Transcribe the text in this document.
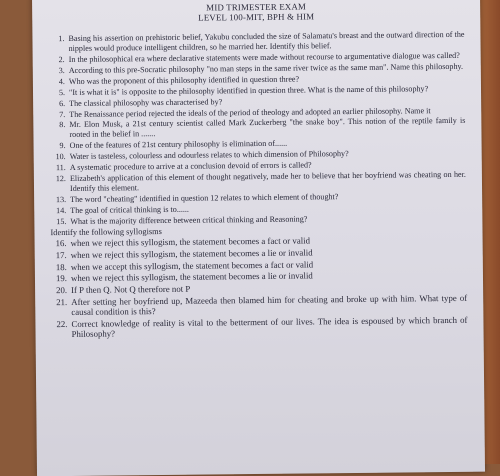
MID TRIMESTER EXAM
LEVEL 100-MIT, BPH & HIM
1. Basing his assertion on prehistoric belief, Yakubu concluded the size of Salamatu's breast and the outward direction of the nipples would produce intelligent children, so he married her. Identify this belief.
2. In the philosophical era where declarative statements were made without recourse to argumentative dialogue was called?
3. According to this pre-Socratic philosophy "no man steps in the same river twice as the same man". Name this philosophy.
4. Who was the proponent of this philosophy identified in question three?
5. "It is what it is" is opposite to the philosophy identified in question three. What is the name of this philosophy?
6. The classical philosophy was characterised by?
7. The Renaissance period rejected the ideals of the period of theology and adopted an earlier philosophy. Name it
8. Mr. Elon Musk, a 21st century scientist called Mark Zuckerberg "the snake boy". This notion of the reptile family is rooted in the belief in .......
9. One of the features of 21st century philosophy is elimination of......
10. Water is tasteless, colourless and odourless relates to which dimension of Philosophy?
11. A systematic procedure to arrive at a conclusion devoid of errors is called?
12. Elizabeth's application of this element of thought negatively, made her to believe that her boyfriend was cheating on her. Identify this element.
13. The word "cheating" identified in question 12 relates to which element of thought?
14. The goal of critical thinking is to......
15. What is the majority difference between critical thinking and Reasoning?
Identify the following syllogisms
16. when we reject this syllogism, the statement becomes a fact or valid
17. when we reject this syllogism, the statement becomes a lie or invalid
18. when we accept this syllogism, the statement becomes a fact or valid
19. when we reject this syllogism, the statement becomes a lie or invalid
20. If P then Q. Not Q therefore not P
21. After setting her boyfriend up, Mazeeda then blamed him for cheating and broke up with him. What type of causal condition is this?
22. Correct knowledge of reality is vital to the betterment of our lives. The idea is espoused by which branch of Philosophy?
